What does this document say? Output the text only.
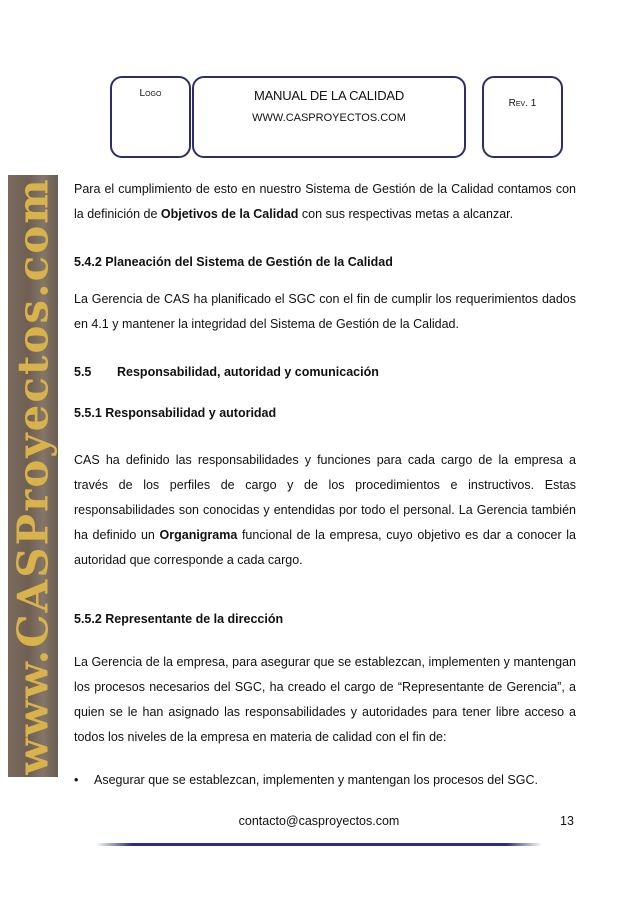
Logo	MANUAL DE LA CALIDAD
WWW.CASPROYECTOS.COM
Rev. 1
www.CASProyectos.com Para el cumplimiento de esto en nuestro Sistema de Gestión de la Calidad contamos con la definición de Objetivos de la Calidad con sus respectivas metas a alcanzar.

5.4.2 Planeación del Sistema de Gestión de la Calidad

La Gerencia de CAS ha planificado el SGC con el fin de cumplir los requerimientos dados en 4.1 y mantener la integridad del Sistema de Gestión de la Calidad.

5.5 Responsabilidad, autoridad y comunicación
5.5.1 Responsabilidad y autoridad

CAS ha definido las responsabilidades y funciones para cada cargo de la empresa a través de los perfiles de cargo y de los procedimientos e instructivos. Estas responsabilidades son conocidas y entendidas por todo el personal. La Gerencia también ha definido un Organigrama funcional de la empresa, cuyo objetivo es dar a conocer la autoridad que corresponde a cada cargo.

5.5.2 Representante de la dirección

La Gerencia de la empresa, para asegurar que se establezcan, implementen y mantengan los procesos necesarios del SGC, ha creado el cargo de “Representante de Gerencia”, a quien se le han asignado las responsabilidades y autoridades para tener libre acceso a todos los niveles de la empresa en materia de calidad con el fin de:

• Asegurar que se establezcan, implementen y mantengan los procesos del SGC.
contacto@casproyectos.com	13
